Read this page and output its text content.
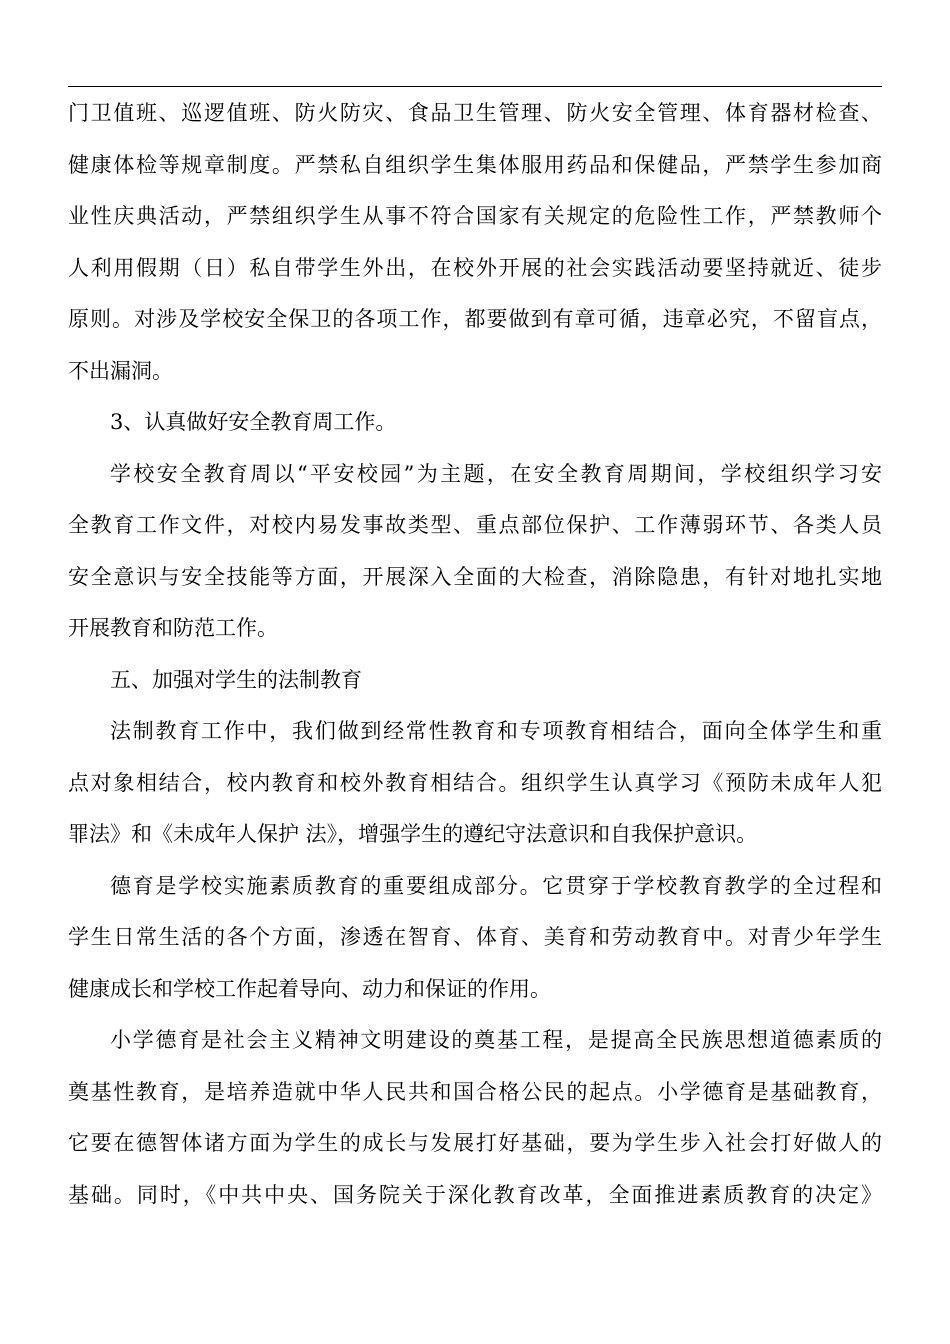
门卫值班、巡逻值班、防火防灾、食品卫生管理、防火安全管理、体育器材检查、
健康体检等规章制度。严禁私自组织学生集体服用药品和保健品，严禁学生参加商
业性庆典活动，严禁组织学生从事不符合国家有关规定的危险性工作，严禁教师个
人利用假期（日）私自带学生外出，在校外开展的社会实践活动要坚持就近、徒步
原则。对涉及学校安全保卫的各项工作，都要做到有章可循，违章必究，不留盲点，
不出漏洞。
3、认真做好安全教育周工作。
学校安全教育周以“平安校园”为主题，在安全教育周期间，学校组织学习安
全教育工作文件，对校内易发事故类型、重点部位保护、工作薄弱环节、各类人员
安全意识与安全技能等方面，开展深入全面的大检查，消除隐患，有针对地扎实地
开展教育和防范工作。
五、加强对学生的法制教育
法制教育工作中，我们做到经常性教育和专项教育相结合，面向全体学生和重
点对象相结合，校内教育和校外教育相结合。组织学生认真学习《预防未成年人犯
罪法》和《未成年人保护 法》，增强学生的遵纪守法意识和自我保护意识。
德育是学校实施素质教育的重要组成部分。它贯穿于学校教育教学的全过程和
学生日常生活的各个方面，渗透在智育、体育、美育和劳动教育中。对青少年学生
健康成长和学校工作起着导向、动力和保证的作用。
小学德育是社会主义精神文明建设的奠基工程，是提高全民族思想道德素质的
奠基性教育，是培养造就中华人民共和国合格公民的起点。小学德育是基础教育，
它要在德智体诸方面为学生的成长与发展打好基础，要为学生步入社会打好做人的
基础。同时，《中共中央、国务院关于深化教育改革，全面推进素质教育的决定》
